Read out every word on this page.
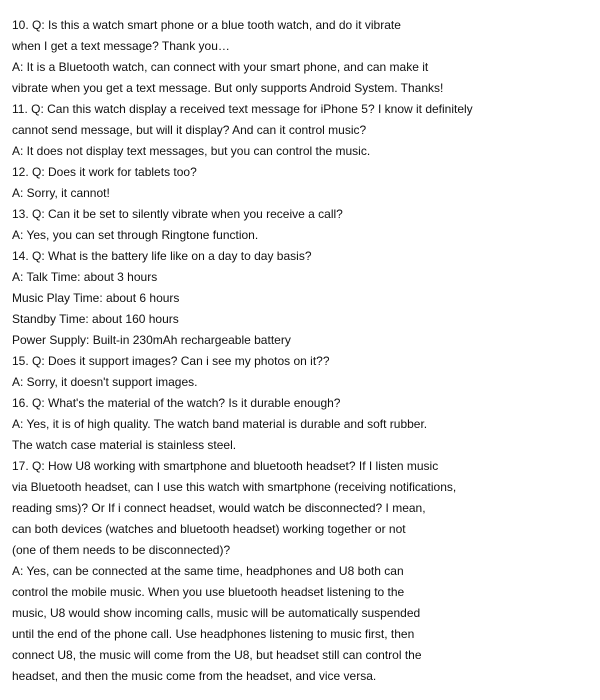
10. Q: Is this a watch smart phone or a blue tooth watch, and do it vibrate
when I get a text message? Thank you…
A: It is a Bluetooth watch, can connect with your smart phone, and can make it
vibrate when you get a text message. But only supports Android System. Thanks!
11. Q: Can this watch display a received text message for iPhone 5? I know it definitely
cannot send message, but will it display? And can it control music?
A: It does not display text messages, but you can control the music.
12. Q: Does it work for tablets too?
A: Sorry, it cannot!
13. Q: Can it be set to silently vibrate when you receive a call?
A: Yes, you can set through Ringtone function.
14. Q: What is the battery life like on a day to day basis?
A: Talk Time: about 3 hours
Music Play Time: about 6 hours
Standby Time: about 160 hours
Power Supply: Built-in 230mAh rechargeable battery
15. Q: Does it support images? Can i see my photos on it??
A: Sorry, it doesn't support images.
16. Q: What's the material of the watch? Is it durable enough?
A: Yes, it is of high quality. The watch band material is durable and soft rubber.
The watch case material is stainless steel.
17. Q: How U8 working with smartphone and bluetooth headset? If I listen music
via Bluetooth headset, can I use this watch with smartphone (receiving notifications,
reading sms)? Or If i connect headset, would watch be disconnected? I mean,
can both devices (watches and bluetooth headset) working together or not
(one of them needs to be disconnected)?
A: Yes, can be connected at the same time, headphones and U8 both can
control the mobile music. When you use bluetooth headset listening to the
music, U8 would show incoming calls, music will be automatically suspended
until the end of the phone call. Use headphones listening to music first, then
connect U8, the music will come from the U8, but headset still can control the
headset, and then the music come from the headset, and vice versa.
